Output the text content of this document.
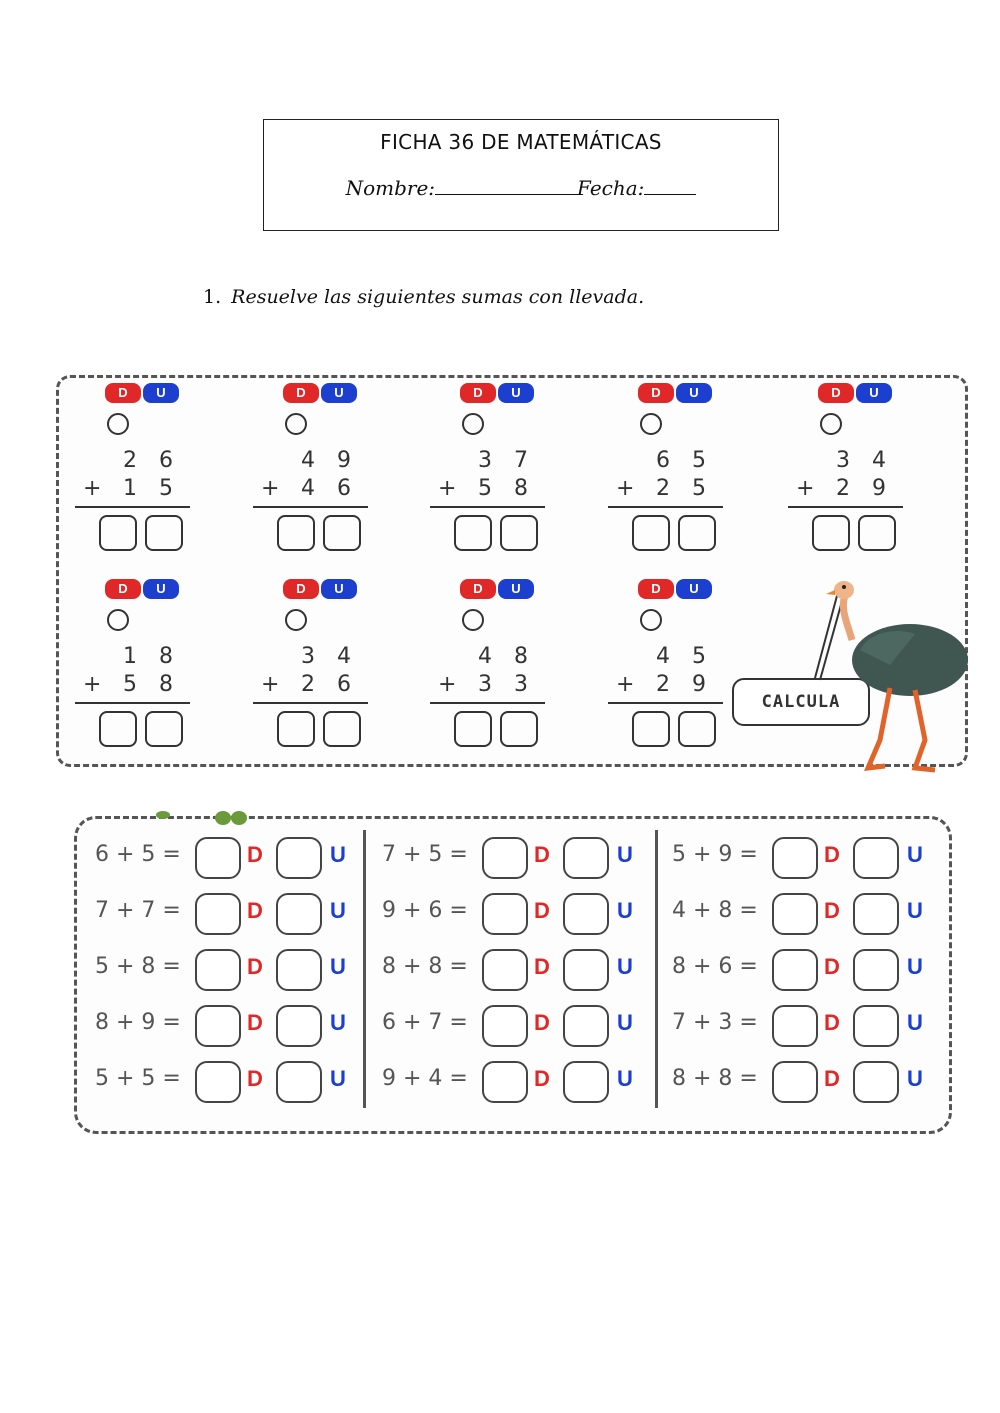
FICHA 36 DE MATEMÁTICAS
Nombre:	Fecha:
1. Resuelve las siguientes sumas con llevada.
D U
2 6
+ 1 5
D U
4 9
+ 4 6
D U
3 7
+ 5 8
D U
6 5
+ 2 5
D U
3 4
+ 2 9
D U
1 8
+ 5 8
D U
3 4
+ 2 6
D U
4 8
+ 3 3
D U
4 5
+ 2 9
CALCULA
6 + 5 =	D	U
7 + 7 =	D	U
5 + 8 =	D	U
8 + 9 =	D	U
5 + 5 =	D	U
7 + 5 =	D	U
9 + 6 =	D	U
8 + 8 =	D	U
6 + 7 =	D	U
9 + 4 =	D	U
5 + 9 =	D	U
4 + 8 =	D	U
8 + 6 =	D	U
7 + 3 =	D	U
8 + 8 =	D	U
